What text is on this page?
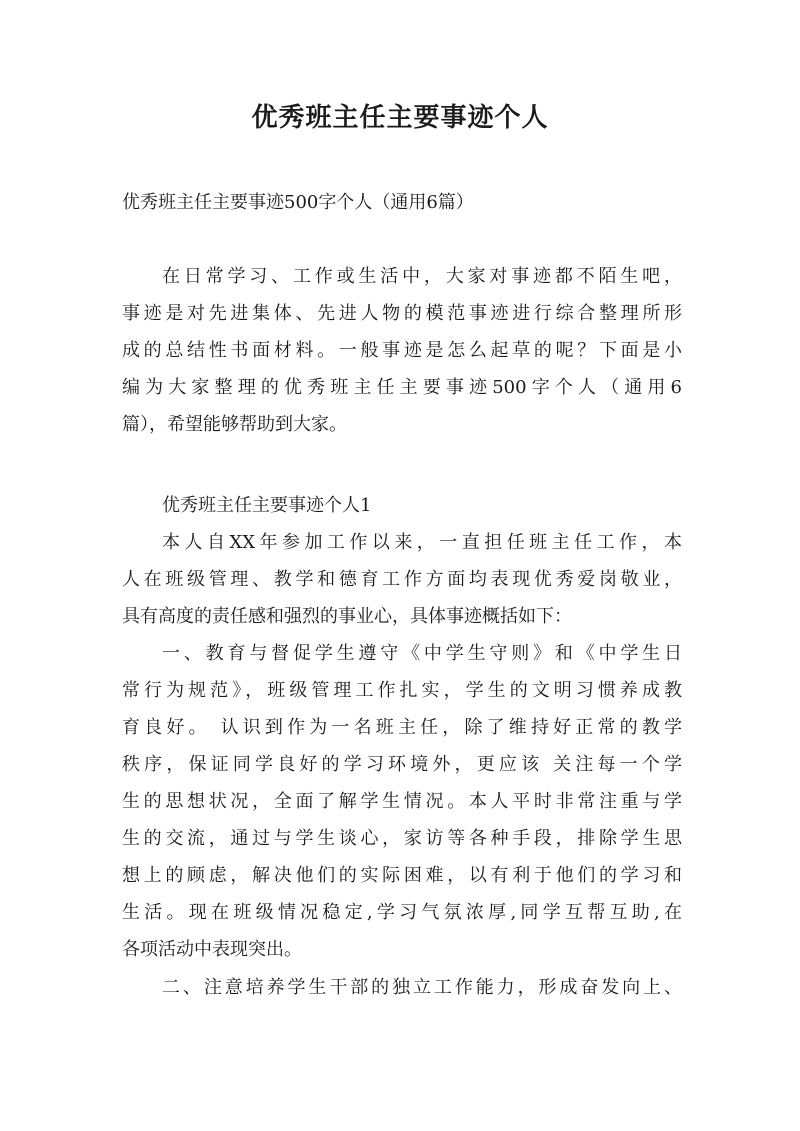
优秀班主任主要事迹个人

优秀班主任主要事迹500字个人（通用6篇）

在日常学习、工作或生活中，大家对事迹都不陌生吧，
事迹是对先进集体、先进人物的模范事迹进行综合整理所形
成的总结性书面材料。一般事迹是怎么起草的呢？下面是小
编为大家整理的优秀班主任主要事迹500字个人（通用6
篇），希望能够帮助到大家。

优秀班主任主要事迹个人1

本人自XX年参加工作以来，一直担任班主任工作，本
人在班级管理、教学和德育工作方面均表现优秀爱岗敬业，
具有高度的责任感和强烈的事业心，具体事迹概括如下：
一、教育与督促学生遵守《中学生守则》和《中学生日
常行为规范》，班级管理工作扎实，学生的文明习惯养成教
育良好。 认识到作为一名班主任，除了维持好正常的教学
秩序，保证同学良好的学习环境外，更应该 关注每一个学
生的思想状况，全面了解学生情况。本人平时非常注重与学
生的交流，通过与学生谈心，家访等各种手段，排除学生思
想上的顾虑，解决他们的实际困难，以有利于他们的学习和
生活。现在班级情况稳定,学习气氛浓厚,同学互帮互助,在
各项活动中表现突出。
二、注意培养学生干部的独立工作能力，形成奋发向上、
